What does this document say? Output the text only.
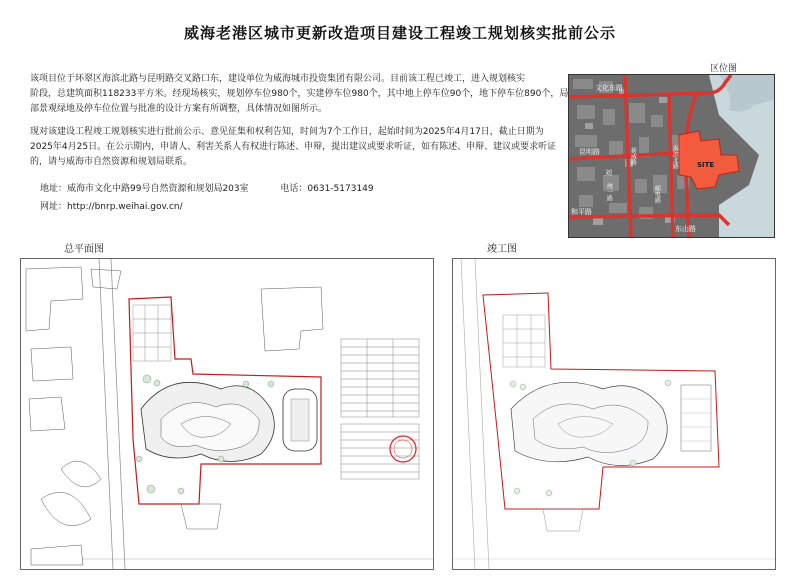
威海老港区城市更新改造项目建设工程竣工规划核实批前公示
该项目位于环翠区海滨北路与昆明路交叉路口东，建设单位为威海城市投资集团有限公司。目前该工程已竣工，进入规划核实
阶段，总建筑面积118233平方米。经现场核实，规划停车位980个，实建停车位980个，其中地上停车位90个，地下停车位890个，局
部景观绿地及停车位位置与批准的设计方案有所调整，具体情况如图所示。
现对该建设工程竣工规划核实进行批前公示、意见征集和权利告知，时间为7个工作日，起始时间为2025年4月17日，截止日期为
2025年4月25日。在公示期内，申请人、利害关系人有权进行陈述、申辩，提出建议或要求听证，如有陈述、申辩、建议或要求听证
的，请与威海市自然资源和规划局联系。
地址：威海市文化中路99号自然资源和规划局203室	电话：0631-5173149
网址：http://bnrp.weihai.gov.cn/
区位图
SITE
文化东路
昆明路
和平路
东山路
刘
新威路	海滨北路
统一路	邮电路
总平面图	竣工图
